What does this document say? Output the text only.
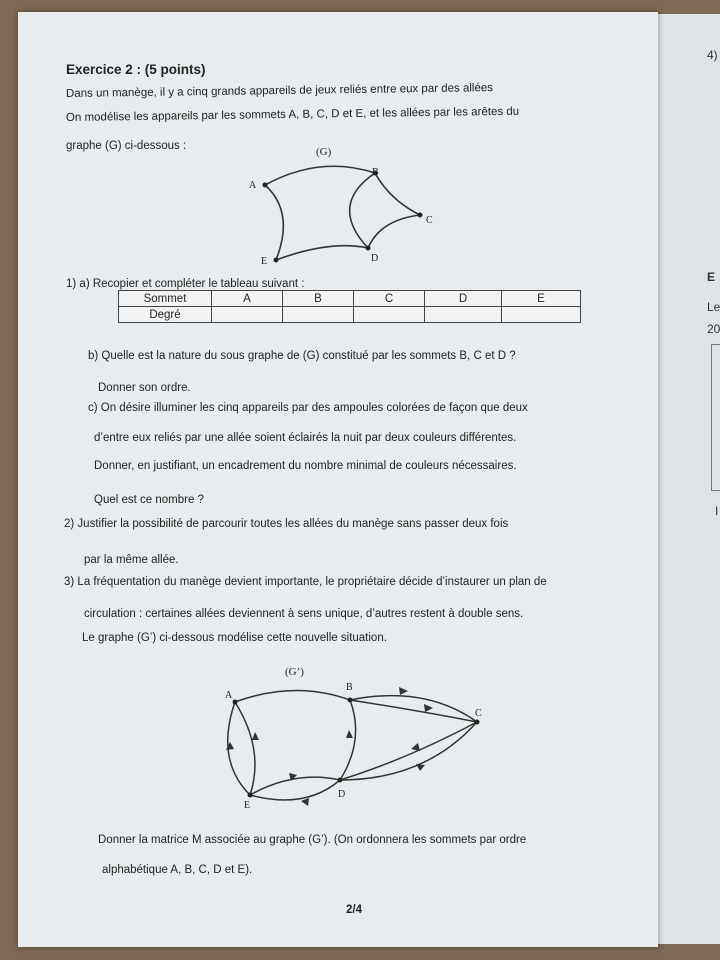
4)
E
Le
20
I
Exercice 2 : (5 points)
Dans un manège, il y a cinq grands appareils de jeux reliés entre eux par des allées
On modélise les appareils par les sommets A, B, C, D et E, et les allées par les arêtes du
graphe (G) ci-dessous :	(G)
A
B
C
D
E
1) a) Recopier et compléter le tableau suivant :
Sommet	A	B	C	D	E
Degré					
b) Quelle est la nature du sous graphe de (G) constitué par les sommets B, C et D ?
Donner son ordre.
c) On désire illuminer les cinq appareils par des ampoules colorées de façon que deux
d’entre eux reliés par une allée soient éclairés la nuit par deux couleurs différentes.
Donner, en justifiant, un encadrement du nombre minimal de couleurs nécessaires.
Quel est ce nombre ?
2) Justifier la possibilité de parcourir toutes les allées du manège sans passer deux fois
par la même allée.
3) La fréquentation du manège devient importante, le propriétaire décide d’instaurer un plan de
circulation : certaines allées deviennent à sens unique, d’autres restent à double sens.
Le graphe (G’) ci-dessous modélise cette nouvelle situation.
(G’)
A
B
C
D
E
Donner la matrice M associée au graphe (G’). (On ordonnera les sommets par ordre
alphabétique A, B, C, D et E).
2/4
